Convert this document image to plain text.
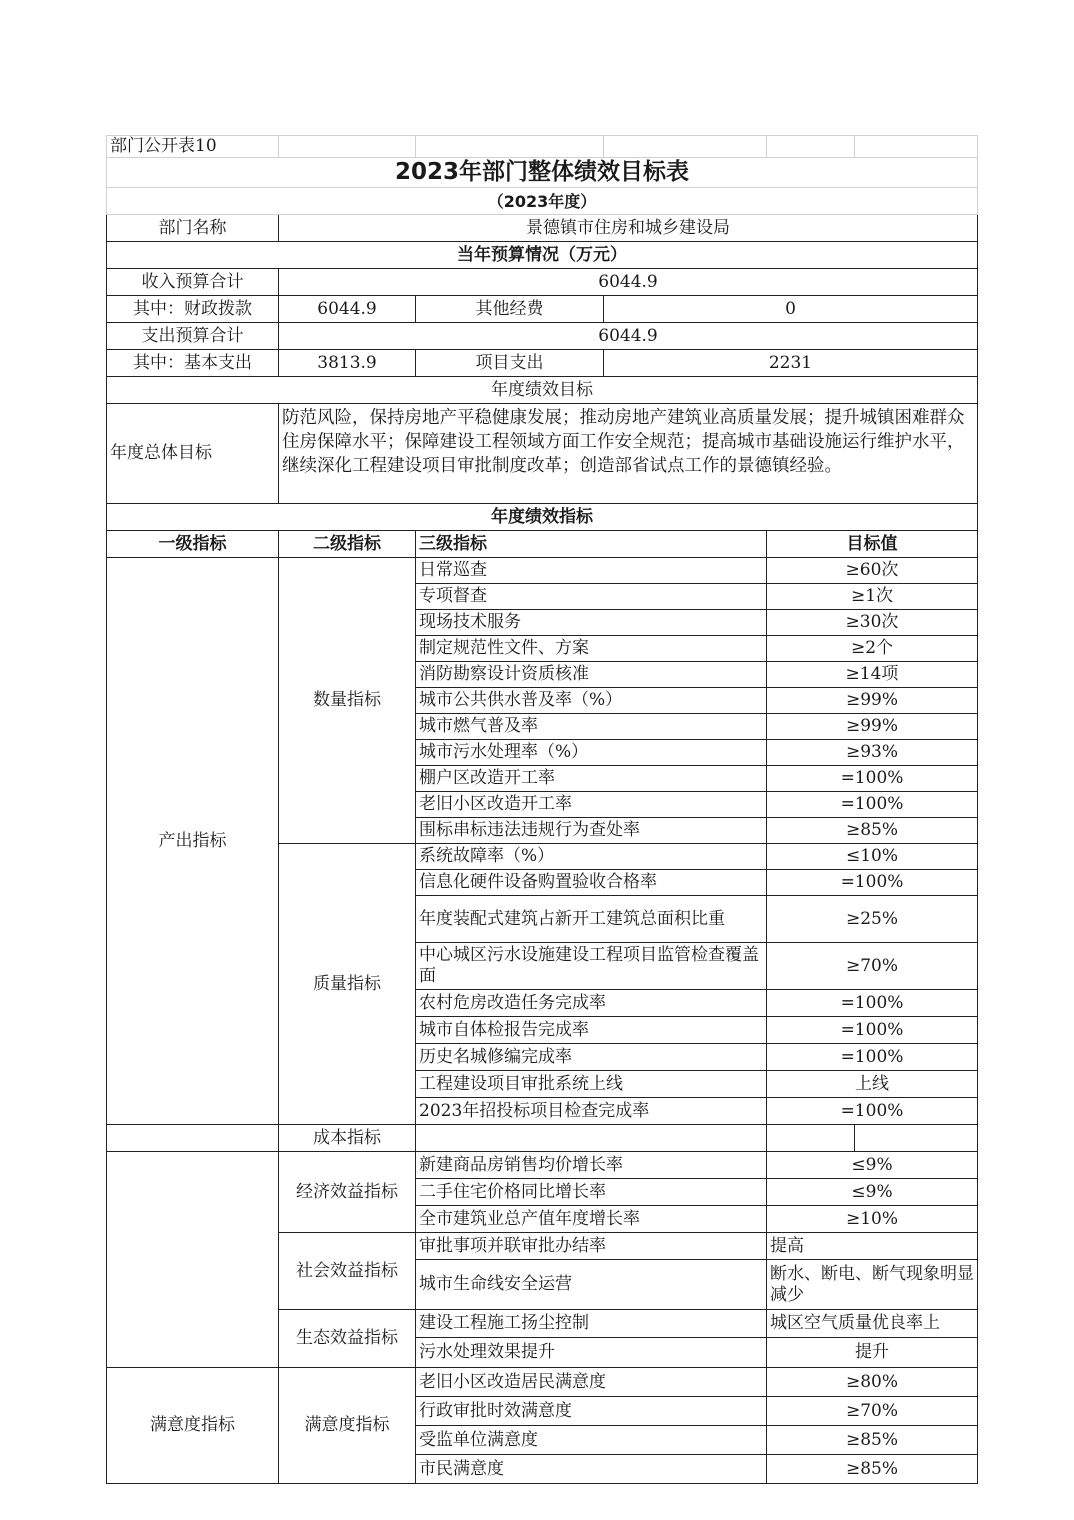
部门公开表10					
2023年部门整体绩效目标表					
（2023年度）					
部门名称	景德镇市住房和城乡建设局				
当年预算情况（万元）					
收入预算合计	6044.9				
其中：财政拨款	6044.9	其他经费	0		
支出预算合计	6044.9				
其中：基本支出	3813.9	项目支出	2231		
年度绩效目标					
年度总体目标	防范风险，保持房地产平稳健康发展；推动房地产建筑业高质量发展；提升城镇困难群众住房保障水平；保障建设工程领域方面工作安全规范；提高城市基础设施运行维护水平，继续深化工程建设项目审批制度改革；创造部省试点工作的景德镇经验。				
年度绩效指标					
一级指标	二级指标	三级指标		目标值	
产出指标	数量指标	日常巡查		≥60次	
		专项督查		≥1次	
		现场技术服务		≥30次	
		制定规范性文件、方案		≥2个	
		消防勘察设计资质核准		≥14项	
		城市公共供水普及率（%）		≥99%	
		城市燃气普及率		≥99%	
		城市污水处理率（%）		≥93%	
		棚户区改造开工率		=100%	
		老旧小区改造开工率		=100%	
		围标串标违法违规行为查处率		≥85%	
	质量指标	系统故障率（%）		≤10%	
		信息化硬件设备购置验收合格率		=100%	
		年度装配式建筑占新开工建筑总面积比重		≥25%	
		中心城区污水设施建设工程项目监管检查覆盖面		≥70%	
		农村危房改造任务完成率		=100%	
		城市自体检报告完成率		=100%	
		历史名城修编完成率		=100%	
		工程建设项目审批系统上线		上线	
		2023年招投标项目检查完成率		=100%	
	成本指标				
	经济效益指标	新建商品房销售均价增长率		≤9%	
		二手住宅价格同比增长率		≤9%	
		全市建筑业总产值年度增长率		≥10%	
	社会效益指标	审批事项并联审批办结率		提高	
		城市生命线安全运营		断水、断电、断气现象明显减少	
	生态效益指标	建设工程施工扬尘控制		城区空气质量优良率上	
		污水处理效果提升		提升	
满意度指标	满意度指标	老旧小区改造居民满意度		≥80%	
		行政审批时效满意度		≥70%	
		受监单位满意度		≥85%	
		市民满意度		≥85%	
